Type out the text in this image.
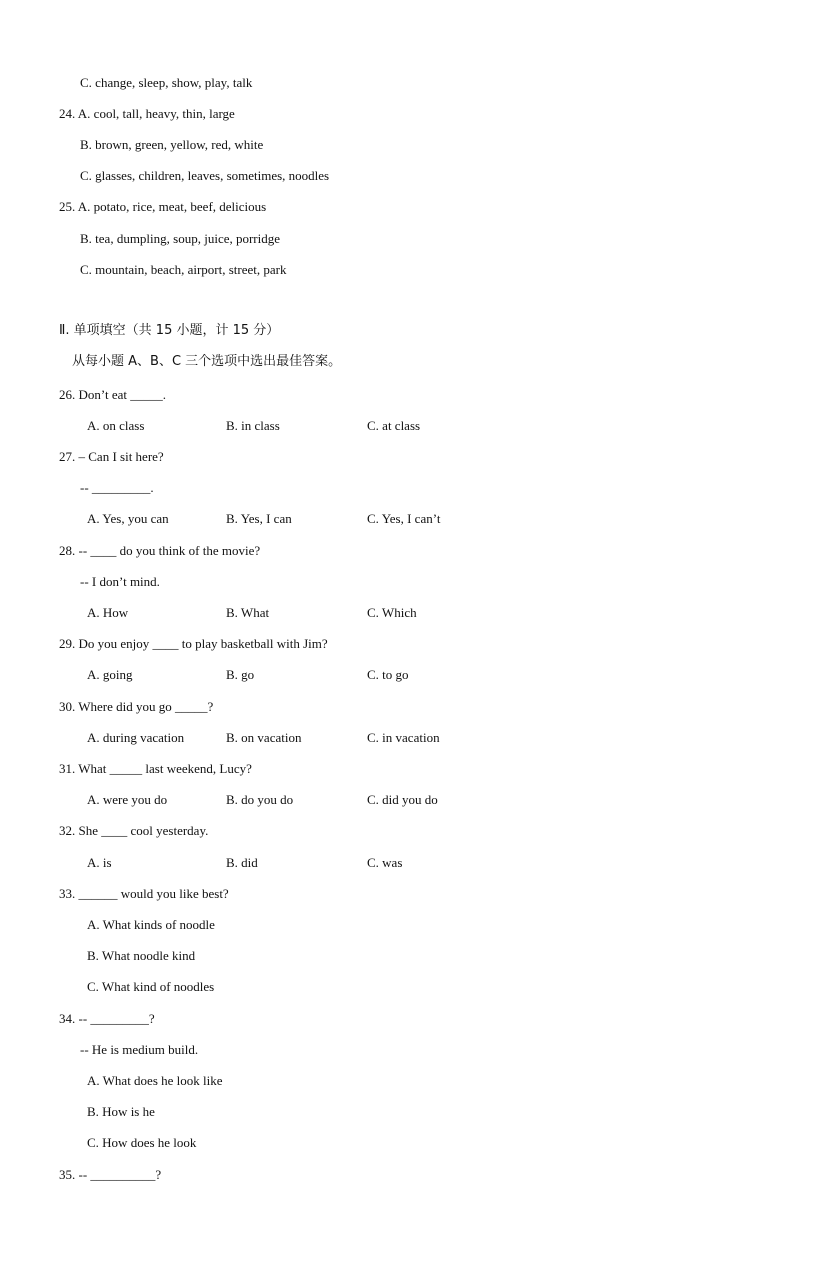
C. change, sleep, show, play, talk
24. A. cool, tall, heavy, thin, large
B. brown, green, yellow, red, white
C. glasses, children, leaves, sometimes, noodles
25. A. potato, rice, meat, beef, delicious
B. tea, dumpling, soup, juice, porridge
C. mountain, beach, airport, street, park
Ⅱ. 单项填空（共 15 小题，计 15 分）
从每小题 A、B、C 三个选项中选出最佳答案。
26. Don’t eat _____.
A. on class	B. in class	C. at class
27. – Can I sit here?
-- _________.
A. Yes, you can	B. Yes, I can	C. Yes, I can’t
28. -- ____ do you think of the movie?
-- I don’t mind.
A. How	B. What	C. Which
29. Do you enjoy ____ to play basketball with Jim?
A. going	B. go	C. to go
30. Where did you go _____?
A. during vacation	B. on vacation	C. in vacation
31. What _____ last weekend, Lucy?
A. were you do	B. do you do	C. did you do
32. She ____ cool yesterday.
A. is	B. did	C. was
33. ______ would you like best?
A. What kinds of noodle
B. What noodle kind
C. What kind of noodles
34. -- _________?
-- He is medium build.
A. What does he look like
B. How is he
C. How does he look
35. -- __________?
